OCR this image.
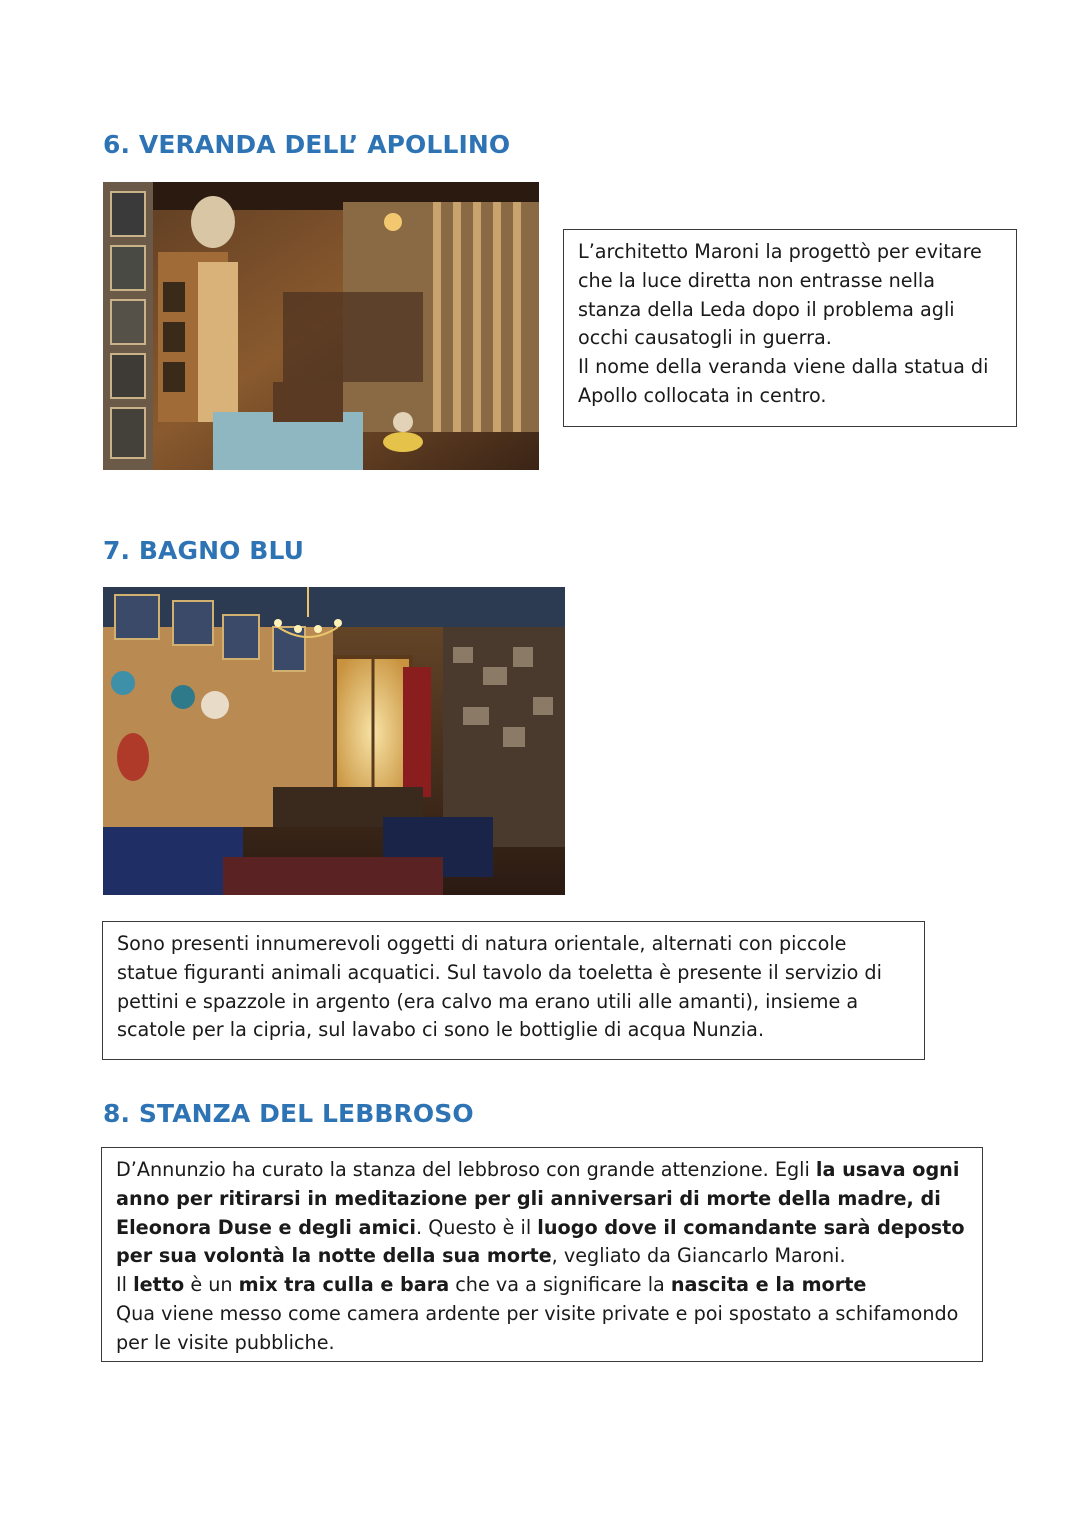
6. VERANDA DELL’ APOLLINO

L’architetto Maroni la progettò per evitare che la luce diretta non entrasse nella stanza della Leda dopo il problema agli occhi causatogli in guerra.

Il nome della veranda viene dalla statua di Apollo collocata in centro.

7. BAGNO BLU

Sono presenti innumerevoli oggetti di natura orientale, alternati con piccole statue figuranti animali acquatici. Sul tavolo da toeletta è presente il servizio di pettini e spazzole in argento (era calvo ma erano utili alle amanti), insieme a scatole per la cipria, sul lavabo ci sono le bottiglie di acqua Nunzia.

8. STANZA DEL LEBBROSO

D’Annunzio ha curato la stanza del lebbroso con grande attenzione. Egli la usava ogni anno per ritirarsi in meditazione per gli anniversari di morte della madre, di Eleonora Duse e degli amici. Questo è il luogo dove il comandante sarà deposto per sua volontà la notte della sua morte, vegliato da Giancarlo Maroni.

Il letto è un mix tra culla e bara che va a significare la nascita e la morte

Qua viene messo come camera ardente per visite private e poi spostato a schifamondo per le visite pubbliche.
